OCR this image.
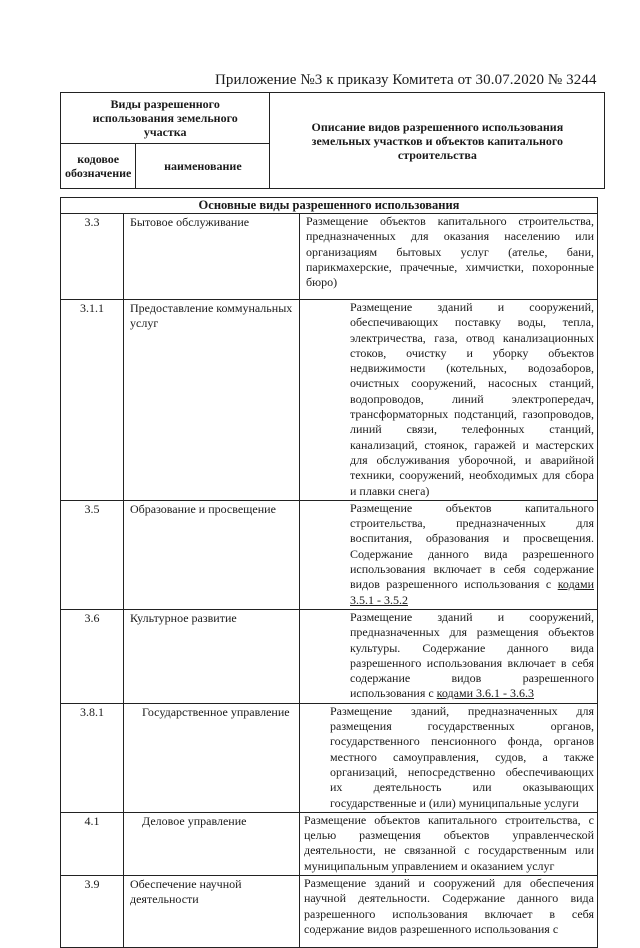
Приложение №3 к приказу Комитета от 30.07.2020 № 3244
Виды разрешенного использования земельного участка		Описание видов разрешенного использования земельных участков и объектов капитального строительства
кодовое обозначение	наименование	
Основные виды разрешенного использования		
3.3	Бытовое обслуживание	Размещение объектов капитального строительства, предназначенных для оказания населению или организациям бытовых услуг (ателье, бани, парикмахерские, прачечные, химчистки, похоронные бюро)

3.1.1	Предоставление коммунальных услуг	Размещение зданий и сооружений, обеспечивающих поставку воды, тепла, электричества, газа, отвод канализационных стоков, очистку и уборку объектов недвижимости (котельных, водозаборов, очистных сооружений, насосных станций, водопроводов, линий электропередач, трансформаторных подстанций, газопроводов, линий связи, телефонных станций, канализаций, стоянок, гаражей и мастерских для обслуживания уборочной, и аварийной техники, сооружений, необходимых для сбора и плавки снега)

3.5	Образование и просвещение	Размещение объектов капитального строительства, предназначенных для воспитания, образования и просвещения. Содержание данного вида разрешенного использования включает в себя содержание видов разрешенного использования с кодами 3.5.1 - 3.5.2

3.6	Культурное развитие	Размещение зданий и сооружений, предназначенных для размещения объектов культуры. Содержание данного вида разрешенного использования включает в себя содержание видов разрешенного использования с кодами 3.6.1 - 3.6.3

3.8.1	Государственное управление	Размещение зданий, предназначенных для размещения государственных органов, государственного пенсионного фонда, органов местного самоуправления, судов, а также организаций, непосредственно обеспечивающих их деятельность или оказывающих государственные и (или) муниципальные услуги

4.1	Деловое управление	Размещение объектов капитального строительства, с целью размещения объектов управленческой деятельности, не связанной с государственным или муниципальным управлением и оказанием услуг

3.9	Обеспечение научной деятельности	Размещение зданий и сооружений для обеспечения научной деятельности. Содержание данного вида разрешенного использования включает в себя содержание видов разрешенного использования с
